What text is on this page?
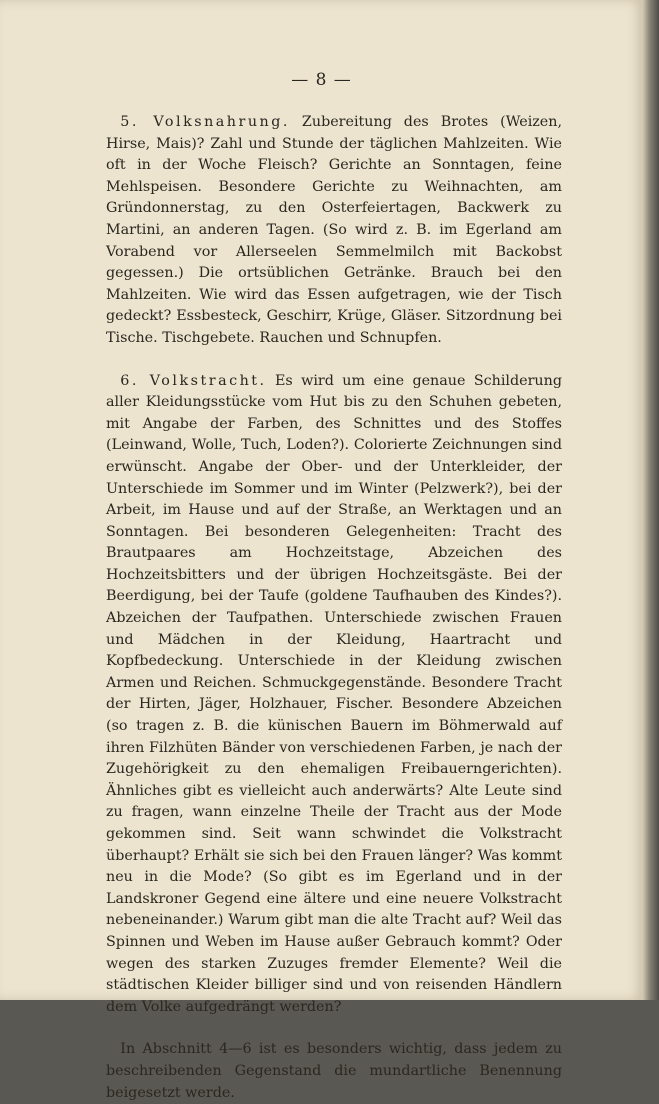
— 8 —

 5. Volksnahrung. Zubereitung des Brotes (Weizen, Hirse, Mais)? Zahl und Stunde der täglichen Mahlzeiten. Wie oft in der Woche Fleisch? Gerichte an Sonntagen, feine Mehlspeisen. Besondere Gerichte zu Weihnachten, am Gründonnerstag, zu den Osterfeiertagen, Backwerk zu Martini, an anderen Tagen. (So wird z. B. im Egerland am Vorabend vor Allerseelen Semmelmilch mit Backobst gegessen.) Die ortsüblichen Getränke. Brauch bei den Mahlzeiten. Wie wird das Essen aufgetragen, wie der Tisch gedeckt? Essbesteck, Geschirr, Krüge, Gläser. Sitzordnung bei Tische. Tischgebete. Rauchen und Schnupfen.

 6. Volkstracht. Es wird um eine genaue Schilderung aller Kleidungsstücke vom Hut bis zu den Schuhen gebeten, mit Angabe der Farben, des Schnittes und des Stoffes (Leinwand, Wolle, Tuch, Loden?). Colorierte Zeichnungen sind erwünscht. Angabe der Ober- und der Unterkleider, der Unterschiede im Sommer und im Winter (Pelzwerk?), bei der Arbeit, im Hause und auf der Straße, an Werktagen und an Sonntagen. Bei besonderen Gelegenheiten: Tracht des Brautpaares am Hochzeitstage, Abzeichen des Hochzeitsbitters und der übrigen Hochzeitsgäste. Bei der Beerdigung, bei der Taufe (goldene Taufhauben des Kindes?). Abzeichen der Taufpathen. Unterschiede zwischen Frauen und Mädchen in der Kleidung, Haartracht und Kopfbedeckung. Unterschiede in der Kleidung zwischen Armen und Reichen. Schmuckgegenstände. Besondere Tracht der Hirten, Jäger, Holzhauer, Fischer. Besondere Abzeichen (so tragen z. B. die künischen Bauern im Böhmerwald auf ihren Filzhüten Bänder von verschiedenen Farben, je nach der Zugehörigkeit zu den ehemaligen Freibauerngerichten). Ähnliches gibt es vielleicht auch anderwärts? Alte Leute sind zu fragen, wann einzelne Theile der Tracht aus der Mode gekommen sind. Seit wann schwindet die Volkstracht überhaupt? Erhält sie sich bei den Frauen länger? Was kommt neu in die Mode? (So gibt es im Egerland und in der Landskroner Gegend eine ältere und eine neuere Volkstracht nebeneinander.) Warum gibt man die alte Tracht auf? Weil das Spinnen und Weben im Hause außer Gebrauch kommt? Oder wegen des starken Zuzuges fremder Elemente? Weil die städtischen Kleider billiger sind und von reisenden Händlern dem Volke aufgedrängt werden?

 In Abschnitt 4—6 ist es besonders wichtig, dass jedem zu beschreibenden Gegenstand die mundartliche Benennung beigesetzt werde.
